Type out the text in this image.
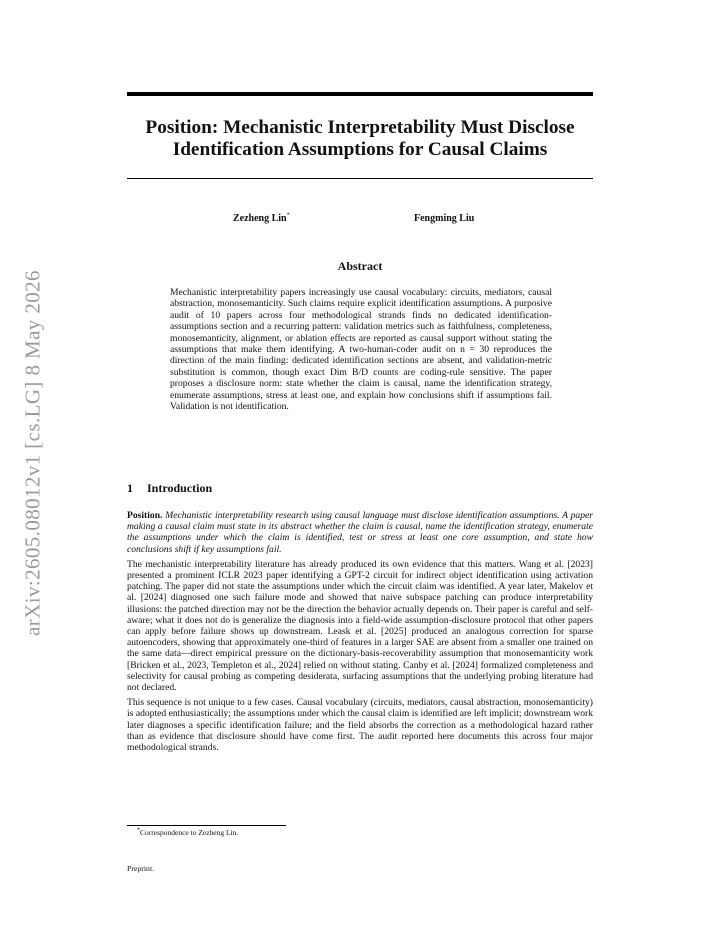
arXiv:2605.08012v1 [cs.LG] 8 May 2026
Position: Mechanistic Interpretability Must Disclose
Identification Assumptions for Causal Claims
Zezheng Lin*	Fengming Liu
Abstract
Mechanistic interpretability papers increasingly use causal vocabulary: circuits, mediators, causal abstraction, monosemanticity. Such claims require explicit identification assumptions. A purposive audit of 10 papers across four methodological strands finds no dedicated identification-assumptions section and a recurring pattern: validation metrics such as faithfulness, completeness, monosemanticity, alignment, or ablation effects are reported as causal support without stating the assumptions that make them identifying. A two-human-coder audit on n = 30 reproduces the direction of the main finding: dedicated identification sections are absent, and validation-metric substitution is common, though exact Dim B/D counts are coding-rule sensitive. The paper proposes a disclosure norm: state whether the claim is causal, name the identification strategy, enumerate assumptions, stress at least one, and explain how conclusions shift if assumptions fail. Validation is not identification.
1 Introduction

Position. Mechanistic interpretability research using causal language must disclose identification assumptions. A paper making a causal claim must state in its abstract whether the claim is causal, name the identification strategy, enumerate the assumptions under which the claim is identified, test or stress at least one core assumption, and state how conclusions shift if key assumptions fail.

The mechanistic interpretability literature has already produced its own evidence that this matters. Wang et al. [2023] presented a prominent ICLR 2023 paper identifying a GPT-2 circuit for indirect object identification using activation patching. The paper did not state the assumptions under which the circuit claim was identified. A year later, Makelov et al. [2024] diagnosed one such failure mode and showed that naive subspace patching can produce interpretability illusions: the patched direction may not be the direction the behavior actually depends on. Their paper is careful and self-aware; what it does not do is generalize the diagnosis into a field-wide assumption-disclosure protocol that other papers can apply before failure shows up downstream. Leask et al. [2025] produced an analogous correction for sparse autoencoders, showing that approximately one-third of features in a larger SAE are absent from a smaller one trained on the same data—direct empirical pressure on the dictionary-basis-recoverability assumption that monosemanticity work [Bricken et al., 2023, Templeton et al., 2024] relied on without stating. Canby et al. [2024] formalized completeness and selectivity for causal probing as competing desiderata, surfacing assumptions that the underlying probing literature had not declared.

This sequence is not unique to a few cases. Causal vocabulary (circuits, mediators, causal abstraction, monosemanticity) is adopted enthusiastically; the assumptions under which the causal claim is identified are left implicit; downstream work later diagnoses a specific identification failure; and the field absorbs the correction as a methodological hazard rather than as evidence that disclosure should have come first. The audit reported here documents this across four major methodological strands.

*Correspondence to Zezheng Lin.
Preprint.
